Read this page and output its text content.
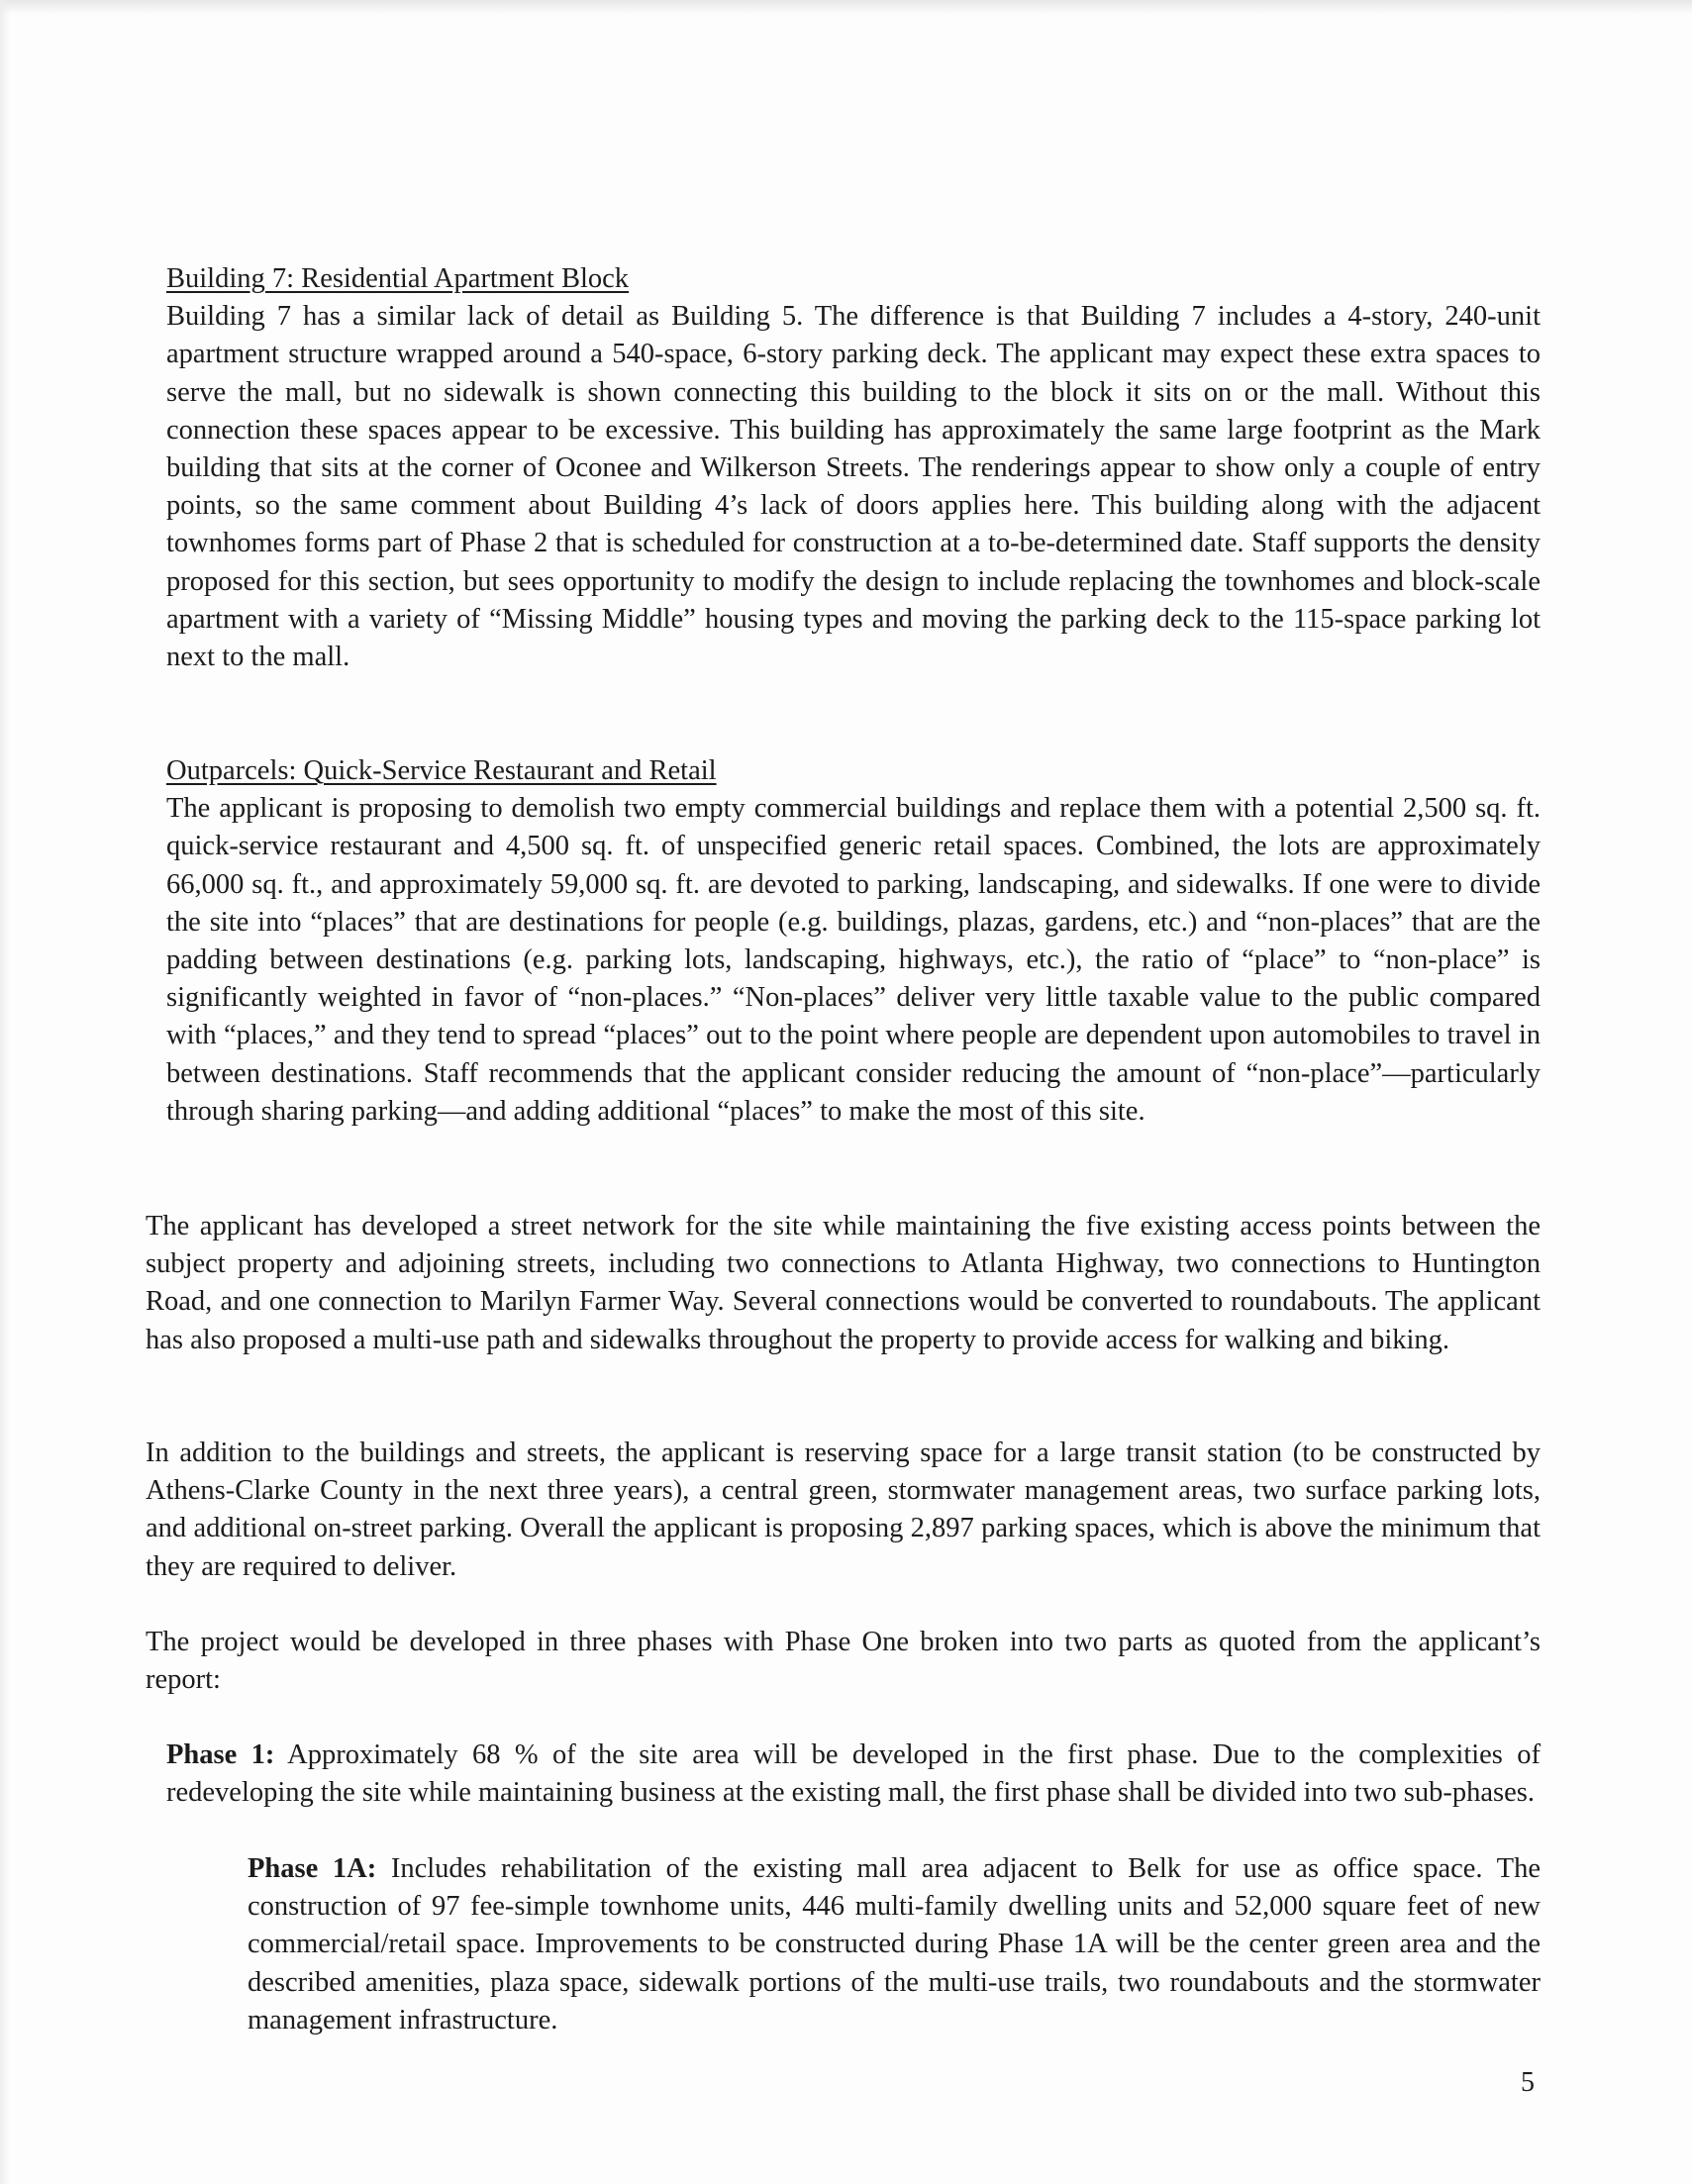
Building 7: Residential Apartment Block

Building 7 has a similar lack of detail as Building 5. The difference is that Building 7 includes a 4-story, 240-unit apartment structure wrapped around a 540-space, 6-story parking deck. The applicant may expect these extra spaces to serve the mall, but no sidewalk is shown connecting this building to the block it sits on or the mall. Without this connection these spaces appear to be excessive. This building has approximately the same large footprint as the Mark building that sits at the corner of Oconee and Wilkerson Streets. The renderings appear to show only a couple of entry points, so the same comment about Building 4’s lack of doors applies here. This building along with the adjacent townhomes forms part of Phase 2 that is scheduled for construction at a to-be-determined date. Staff supports the density proposed for this section, but sees opportunity to modify the design to include replacing the townhomes and block-scale apartment with a variety of “Missing Middle” housing types and moving the parking deck to the 115-space parking lot next to the mall.

Outparcels: Quick-Service Restaurant and Retail

The applicant is proposing to demolish two empty commercial buildings and replace them with a potential 2,500 sq. ft. quick-service restaurant and 4,500 sq. ft. of unspecified generic retail spaces. Combined, the lots are approximately 66,000 sq. ft., and approximately 59,000 sq. ft. are devoted to parking, landscaping, and sidewalks. If one were to divide the site into “places” that are destinations for people (e.g. buildings, plazas, gardens, etc.) and “non-places” that are the padding between destinations (e.g. parking lots, landscaping, highways, etc.), the ratio of “place” to “non-place” is significantly weighted in favor of “non-places.” “Non-places” deliver very little taxable value to the public compared with “places,” and they tend to spread “places” out to the point where people are dependent upon automobiles to travel in between destinations. Staff recommends that the applicant consider reducing the amount of “non-place”—particularly through sharing parking—and adding additional “places” to make the most of this site.

The applicant has developed a street network for the site while maintaining the five existing access points between the subject property and adjoining streets, including two connections to Atlanta Highway, two connections to Huntington Road, and one connection to Marilyn Farmer Way. Several connections would be converted to roundabouts. The applicant has also proposed a multi-use path and sidewalks throughout the property to provide access for walking and biking.

In addition to the buildings and streets, the applicant is reserving space for a large transit station (to be constructed by Athens-Clarke County in the next three years), a central green, stormwater management areas, two surface parking lots, and additional on-street parking. Overall the applicant is proposing 2,897 parking spaces, which is above the minimum that they are required to deliver.

The project would be developed in three phases with Phase One broken into two parts as quoted from the applicant’s report:

Phase 1: Approximately 68 % of the site area will be developed in the first phase. Due to the complexities of redeveloping the site while maintaining business at the existing mall, the first phase shall be divided into two sub-phases.

Phase 1A: Includes rehabilitation of the existing mall area adjacent to Belk for use as office space. The construction of 97 fee-simple townhome units, 446 multi-family dwelling units and 52,000 square feet of new commercial/retail space. Improvements to be constructed during Phase 1A will be the center green area and the described amenities, plaza space, sidewalk portions of the multi-use trails, two roundabouts and the stormwater management infrastructure.

5
